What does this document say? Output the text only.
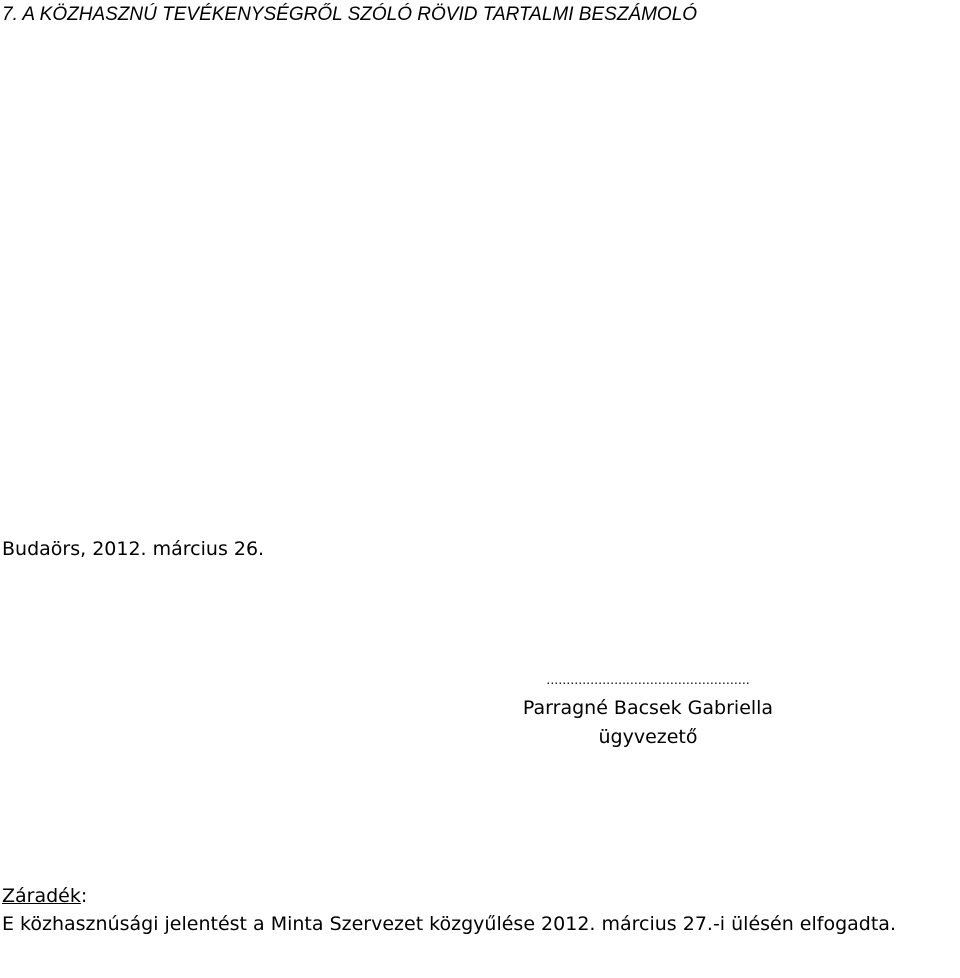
7. A KÖZHASZNÚ TEVÉKENYSÉGRŐL SZÓLÓ RÖVID TARTALMI BESZÁMOLÓ
Budaörs, 2012. március 26.
……….……….………………………….
Parragné Bacsek Gabriella
ügyvezető
Záradék:
E közhasznúsági jelentést a Minta Szervezet közgyűlése 2012. március 27.-i ülésén elfogadta.
